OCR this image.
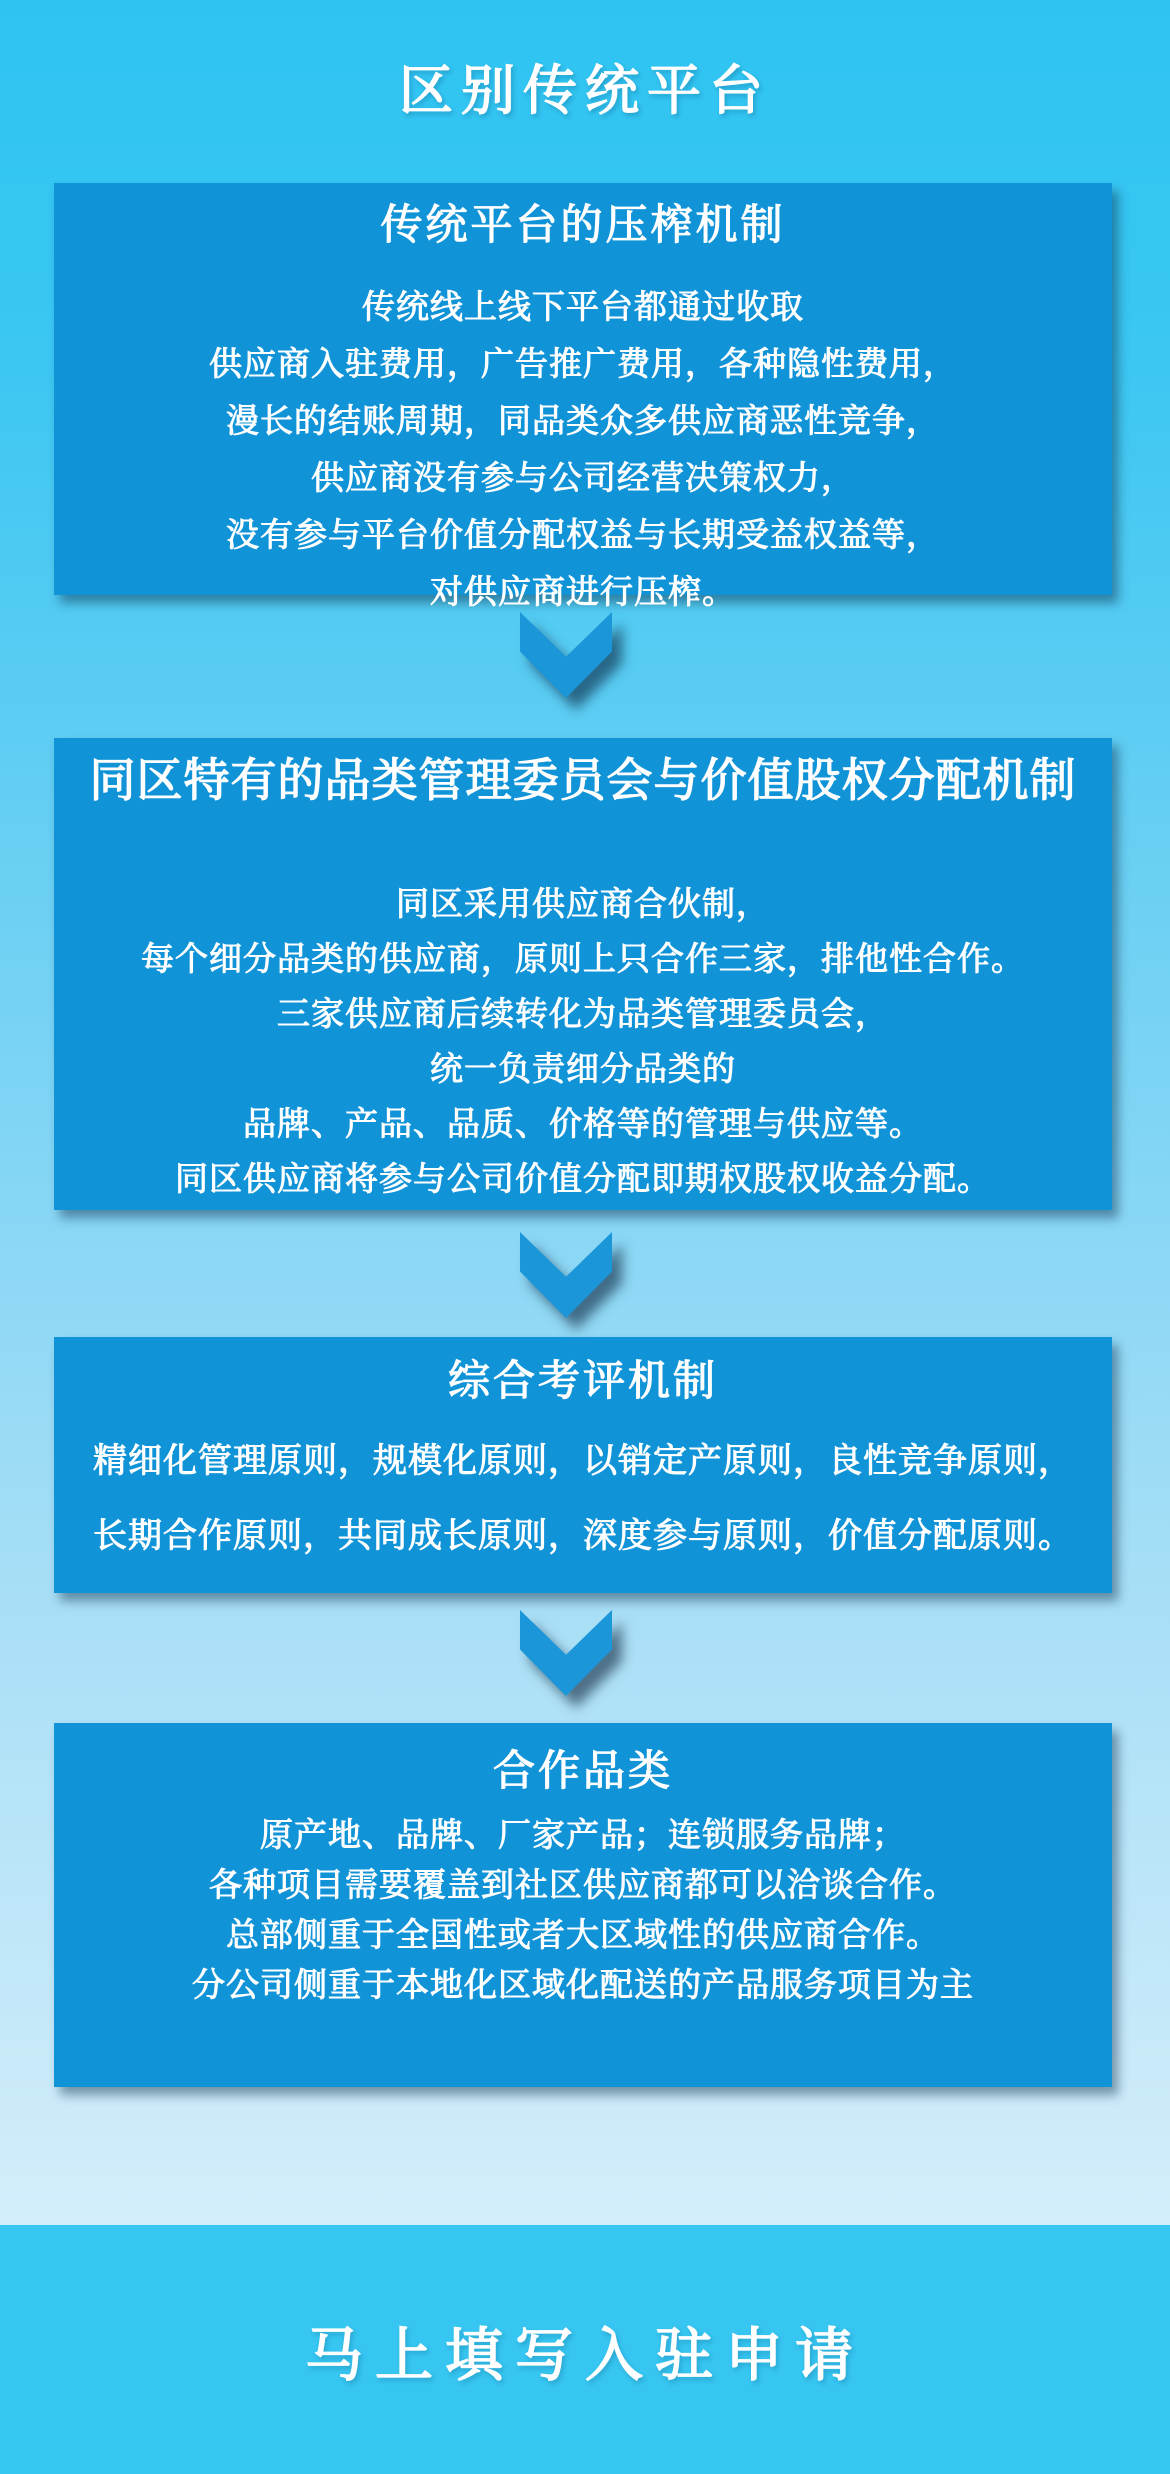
区别传统平台
传统平台的压榨机制
传统线上线下平台都通过收取
供应商入驻费用，广告推广费用，各种隐性费用，
漫长的结账周期，同品类众多供应商恶性竞争，
供应商没有参与公司经营决策权力，
没有参与平台价值分配权益与长期受益权益等，
对供应商进行压榨。
同区特有的品类管理委员会与价值股权分配机制
同区采用供应商合伙制，
每个细分品类的供应商，原则上只合作三家，排他性合作。
三家供应商后续转化为品类管理委员会，
统一负责细分品类的
品牌、产品、品质、价格等的管理与供应等。
同区供应商将参与公司价值分配即期权股权收益分配。
综合考评机制
精细化管理原则，规模化原则，以销定产原则，良性竞争原则，
长期合作原则，共同成长原则，深度参与原则，价值分配原则。
合作品类
原产地、品牌、厂家产品；连锁服务品牌；
各种项目需要覆盖到社区供应商都可以洽谈合作。
总部侧重于全国性或者大区域性的供应商合作。
分公司侧重于本地化区域化配送的产品服务项目为主
马上填写入驻申请
